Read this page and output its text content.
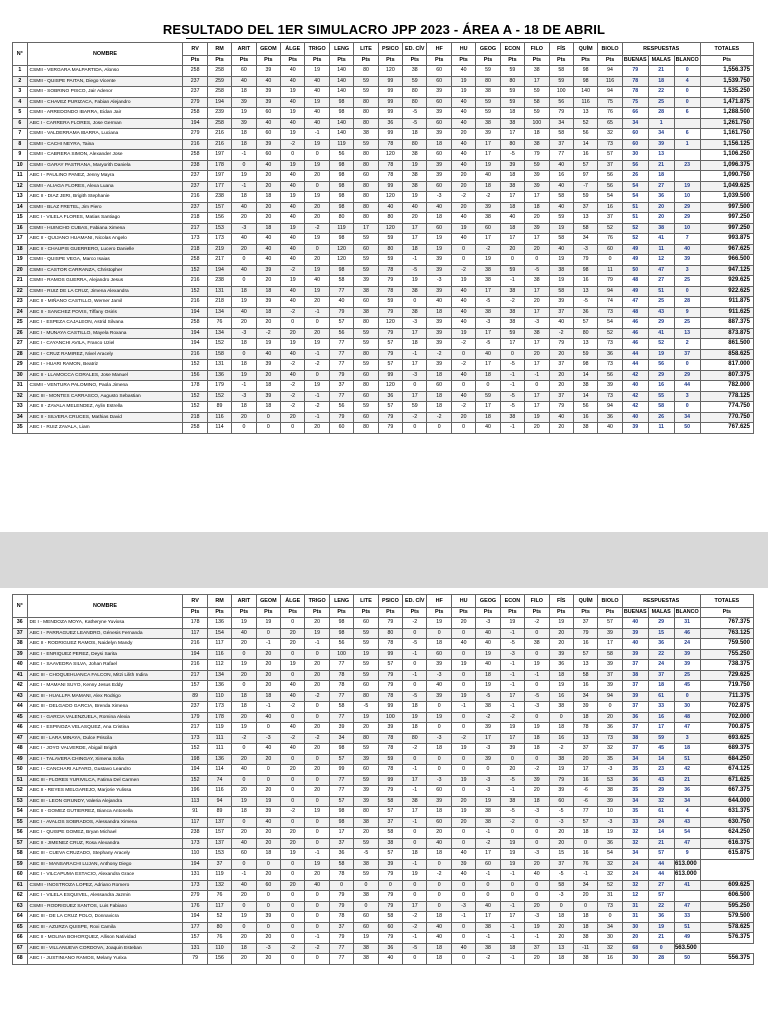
RESULTADO DEL 1ER SIMULACRO JPP 2023 - ÁREA A - 18 DE ABRIL
N°	NOMBRE	RV	RM	ARIT	GEOM	ÁLGE	TRIGO	LENG	LITE	PSICO	ED. CÍV	HF	HU	GEOG	ECON	FILO	FÍS	QUÍM	BIOLO	RESPUESTAS			TOTALES
		Pts	Pts	Pts	Pts	Pts	Pts	Pts	Pts	Pts	Pts	Pts	Pts	Pts	Pts	Pts	Pts	Pts	Pts	BUENAS	MALAS	BLANCO	Pts
1	CSMII - VERGARA MALPARTIDA, Alonso	258	258	60	39	40	19	140	80	120	38	60	40	59	59	38	58	98	94	79	21	0	1,556.375
2	CSMII - QUISPE PAITAN, Diego Vicente	237	259	40	40	40	40	140	59	99	59	60	19	80	80	17	59	98	116	78	18	4	1,539.750
3	CSMII - SOBRINO PISCO, Jair Adenor	237	258	18	39	19	40	140	59	99	80	39	19	38	59	59	100	140	94	78	22	0	1,535.250
4	CSMII - CHAVEZ PURIZACA, Fabian Alejandro	279	194	39	39	40	19	98	80	99	80	60	40	59	59	58	56	116	75	75	25	0	1,471.875
5	CSMII - ARREDONDO IBARRA, Eidan Jair	258	239	19	60	19	40	98	80	99	-5	39	40	59	18	59	79	13	76	66	28	6	1,288.500
6	ABC I - CARRERA FLORES, Jose German	194	258	39	40	40	40	140	80	36	-5	60	40	38	38	100	34	52	65	34	1		1,261.750
7	CSMII - VALDERRAMA IBARRA, Luciana	279	216	18	60	19	-1	140	38	99	18	39	20	39	17	18	58	56	32	60	34	6	1,161.750
8	CSMII - CACHI NEYRA, Taina	216	216	18	39	-2	19	119	59	78	80	18	40	17	80	38	37	14	73	60	39	1	1,156.125
9	CSMII - CABRERA SIMON, Alexander Jose	258	197	-1	60	0	0	56	80	120	38	60	40	17	-5	79	77	16	57	30	13		1,106.250
10	CSMII - GARAY PASTRANA, Maryorith Daniela	238	178	0	40	19	19	98	80	78	19	39	40	19	39	59	40	57	37	56	21	23	1,096.375
11	ABC I - PAULINO PANEZ, Jenny Mayra	237	197	19	20	40	20	98	60	78	38	39	20	40	18	39	16	97	56	26	18		1,090.750
12	CSMII - ALIAGA FLORES, Alexa Luana	237	177	-1	20	40	0	98	80	99	38	60	20	18	38	39	40	-7	56	54	27	19	1,049.625
13	ABC II - DIAZ JERI, Brigith Stephanie	216	238	18	18	19	19	98	80	120	19	-3	-2	-2	17	17	58	59	54	54	36	10	1,039.500
14	CSMII - BLAZ FRETEL, Jim Piero	237	157	40	20	40	20	98	80	40	40	40	20	39	18	18	40	37	16	51	20	29	997.500
15	ABC I - VILELA FLORES, Matias Santiago	218	156	20	20	40	20	80	80	80	20	18	40	38	40	20	59	13	37	51	20	29	997.250
16	CSMII - HUINCHO CUBAS, Fabiana Ximena	217	153	-3	18	19	-2	119	17	120	17	60	19	60	18	39	19	58	52	52	38	10	997.250
17	ABC II - QUIJANO HUAMANI, Nicolas Angelo	173	173	40	40	40	19	98	59	59	17	19	40	17	17	17	58	34	76	52	41	7	993.875
18	ABC II - CHAUPIS GUERRERO, Lucero Danielle	218	219	20	40	40	0	120	60	80	18	19	0	-2	20	20	40	-3	60	49	11	40	967.625
19	CSMII - QUISPE VEGA, Marco Isaias	258	217	0	40	40	20	120	59	59	-1	39	0	19	0	0	19	79	0	49	12	39	966.500
20	CSMII - CASTOR CARRANZA, Christopher	152	194	40	39	-2	19	98	59	78	-5	39	-2	38	59	-5	38	98	11	50	47	3	947.125
21	CSMII - RAMOS GUERRA, Alejandro Jesus	216	238	0	20	19	40	58	39	79	19	-3	19	38	-1	38	19	16	79	48	27	25	929.625
22	CSMII - RUIZ DE LA CRUZ, Jimena Alexandra	152	131	18	18	40	19	77	38	78	38	39	40	17	38	17	58	13	94	49	51	0	922.625
23	ABC II - MIÑANO CASTILLO, Werner Jamil	216	218	19	39	40	20	40	60	59	0	40	40	-5	-2	20	39	-5	74	47	25	28	911.875
24	ABC II - SANCHEZ POVIS, Tiffany Osiris	194	134	40	18	-2	-1	79	38	79	38	18	40	38	38	17	37	36	73	48	43	9	911.625
25	ABC I - ESPEZA CAJALEON, Astrid Silvana	258	76	20	20	0	0	57	80	120	-3	39	40	-3	38	-3	40	57	54	46	29	25	887.375
26	ABC I - MUNAYA CASTILLO, Mayela Roxana	194	134	-3	-2	20	20	56	59	79	17	39	19	17	59	38	-2	80	52	46	41	13	873.875
27	ABC I - CAYANCHI AVILA, Franco Uziel	194	152	18	19	19	19	77	59	57	18	39	-2	-5	17	17	79	13	73	46	52	2	861.500
28	ABC I - CRUZ RAMIREZ, Nivel Aracely	216	158	0	40	40	-1	77	80	79	-1	-2	0	40	0	20	20	59	36	44	19	37	858.625
29	ABC I - HUARI RAMON, Beatriz	152	131	18	39	-2	-2	77	59	57	17	39	-2	17	-5	17	37	98	73	44	56	0	817.000
30	ABC II - LLAMOCCA CORALES, Jose Manuel	156	136	19	20	40	0	79	60	99	-3	18	40	18	-1	-1	20	14	56	42	29	29	807.375
31	CSMII - VENTURA PALOMINO, Paola Jimena	178	179	-1	18	-2	19	37	80	120	0	60	0	0	-1	0	20	38	39	40	16	44	782.000
32	ABC III - MONTES CARRASCO, Augusto Sebastian	152	152	-3	39	-2	-1	77	60	36	17	18	40	59	-5	17	37	14	73	42	55	3	778.125
33	ABC II - ZAVALA MELENDEZ, Aylin Estrella	152	89	18	18	-2	-2	56	59	57	59	18	-2	17	-5	17	79	56	94	42	58	0	774.750
34	ABC II - SILVERA CRUCES, Mathias David	218	116	20	0	20	-1	79	60	79	-2	-2	20	18	38	19	40	16	36	40	26	34	770.750
35	ABC I - RUIZ ZAVALA, Liam	258	114	0	0	0	20	60	80	79	0	0	0	40	-1	20	20	38	40	39	11	50	767.625
N°	NOMBRE	RV	RM	ARIT	GEOM	ÁLGE	TRIGO	LENG	LITE	PSICO	ED. CÍV	HF	HU	GEOG	ECON	FILO	FÍS	QUÍM	BIOLO	RESPUESTAS			TOTALES
		Pts	Pts	Pts	Pts	Pts	Pts	Pts	Pts	Pts	Pts	Pts	Pts	Pts	Pts	Pts	Pts	Pts	Pts	BUENAS	MALAS	BLANCO	Pts
36	DE I - MENDOZA MOYA, Katheryne Yuvixsa	178	136	19	19	0	20	98	60	79	-2	19	20	-3	19	-2	19	37	57	40	29	31	767.375
37	ABC I - PARRAGUEZ LEANDRO, Génesis Fernanda	117	154	40	0	20	19	98	59	80	0	0	0	40	-1	0	20	79	39	39	15	46	763.125
38	ABC II - RODRIGUEZ RAMOS, Naidelyn Mandy	216	117	20	-1	20	-1	56	59	78	-5	18	40	40	-5	38	20	16	17	40	36	24	759.500
39	ABC I - ENRIQUEZ PEREZ, Deysi Sarita	194	116	0	20	0	0	100	19	99	-1	60	0	19	-3	0	39	57	58	39	22	39	755.250
40	ABC I - SAAVEDRA SILVA, Johan Rafael	216	112	19	20	19	20	77	59	57	0	39	19	40	-1	19	36	13	39	37	24	39	738.375
41	ABC III - CHOQUEHUANCA FALCON, Mitzi Lilith Indira	217	134	20	20	0	20	78	59	79	-1	-3	0	18	-1	-1	18	58	37	38	37	25	729.625
42	ABC I - MAMANI SUYO, Kenny Jesus Eddy	157	136	0	20	40	20	78	60	79	0	40	0	19	-1	0	19	16	39	37	18	45	719.750
43	ABC III - HUALLPA MAMANI, Alex Rodrigo	89	110	18	18	40	-2	77	80	78	-5	39	19	-5	17	-5	16	34	94	39	61	0	711.375
44	ABC III - DELGADO GARCIA, Brenda Ximena	237	173	18	-1	-2	0	58	-5	99	18	0	-1	38	-1	-3	38	39	0	37	33	30	702.875
45	ABC I - GARCIA VALENZUELA, Romina Alexia	179	178	20	40	0	0	77	19	100	19	19	0	-2	-2	0	0	18	20	36	16	48	702.000
46	ABC I - ESPINOZA VELASQUEZ, Ana Cristina	217	119	19	0	40	20	39	20	39	18	0	0	39	19	19	18	78	36	37	17	47	700.875
47	ABC III - LARA MINAYA, Dulce Priscila	173	111	-2	-3	-2	-2	34	80	78	80	-3	-2	17	17	18	16	13	73	38	59	3	693.625
48	ABC I - JOYO VALVERDE, Abigail Brigith	152	111	0	40	40	20	98	59	78	-2	18	19	-3	39	18	-2	37	32	37	45	18	689.375
49	ABC I - TALAVERA CHINGAY, Ximena Sofia	198	136	20	20	0	0	57	39	59	0	0	0	39	0	0	38	20	35	34	14	51	684.250
50	ABC I - CANCHARI ALFARO, Gustavo Leandro	194	114	40	0	20	20	99	60	78	-1	0	0	0	20	-2	19	17	-3	35	23	42	674.125
51	ABC III - FLORES YURIVILCA, Fatima Del Carmen	152	74	0	0	0	0	77	59	99	17	-3	19	-3	-5	39	79	16	53	36	43	21	671.625
52	ABC II - REYES MELGAREJO, Marjorie Yulissa	196	116	20	20	0	20	77	39	79	-1	60	0	-3	-1	20	39	-6	38	35	29	36	667.375
53	ABC III - LEON GRUNDY, Valeria Alejandra	113	94	19	19	0	0	57	39	58	38	39	20	19	38	18	60	-6	39	34	32	34	644.000
54	ABC II - GOMEZ GUTIERREZ, Bianca Antonella	91	89	18	39	-2	19	98	80	57	17	18	19	38	-5	-3	-5	77	10	35	61	4	631.375
55	ABC I - AVALOS SOBRADOS, Alessandra Ximena	117	137	0	40	0	0	98	38	37	-1	60	20	38	-2	0	-3	57	-3	33	24	43	630.750
56	ABC I - QUISPE GOMEZ, Bryan Michael	238	157	20	20	20	0	17	20	58	0	20	0	-1	0	0	20	18	19	32	14	54	624.250
57	ABC II - JIMENEZ CRUZ, Rosa Alexandra	173	137	40	20	20	0	37	59	38	0	40	0	-2	19	0	20	0	36	32	21	47	616.375
58	ABC III - CUEVA CRUZADO, Stephany Aracely	110	153	60	18	19	-1	36	-5	57	18	18	40	17	19	-3	15	16	54	34	57	9	615.875
59	ABC III - MANSARACHI LUJAN, Anthony Diego	194	37	0	0	0	19	58	38	39	-1	0	39	60	19	20	37	76	32	24	44	613.000	
60	ABC I - VILCAPUMA ESTACIO, Alexandra Grace	131	119	-1	20	0	20	78	59	79	19	-2	40	-1	-1	40	-5	-1	32	24	44	613.000	
61	CSMII - INOSTROZA LOPEZ, Adriano Romero	173	132	40	60	20	40	0	0	0	0	0	0	0	0	0	58	34	52	32	27	41	609.625
62	ABC I - VILELA ESQUIVEL, Alessandra Jazmin	279	76	20	0	0	0	79	38	79	0	0	0	0	0	0	-3	20	31	12	57		606.500
63	CSMII - RODRIGUEZ SANTOS, Luis Fabiano	176	117	0	0	0	0	79	0	79	17	0	-3	40	-1	20	0	0	73	31	22	47	595.250
64	ABC III - DE LA CRUZ POLO, Donnavicra	194	52	19	39	0	0	78	60	58	-2	18	-1	17	17	-3	18	18	0	31	36	33	579.500
65	ABC III - AZURZA QUISPE, Roxi Camila	177	80	0	0	0	0	37	60	60	-2	40	0	38	-1	19	20	18	34	30	19	51	578.625
66	ABC II - MOLINA BOHORQUEZ, Allison Natividad	157	76	20	20	0	-1	79	19	79	-1	40	0	-1	-1	-1	20	38	30	20	21	49	576.375
67	ABC III - VILLANUEVA CORDOVA, Joaquin Esteban	131	110	18	-3	-2	-2	77	38	36	-5	18	40	38	18	37	13	-11	32	68	0	563.500	
68	ABC I - JUSTINIANO RAMOS, Melany Yurixa	79	156	20	20	0	0	77	38	40	0	18	0	-2	-1	20	18	38	16	30	28	50	556.375
